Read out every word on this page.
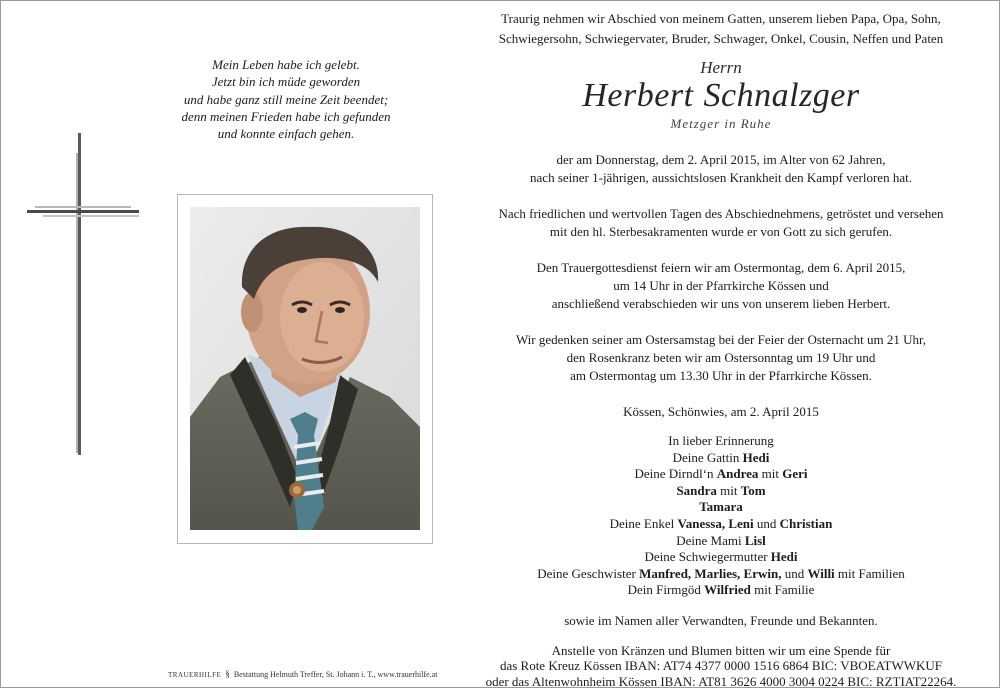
Mein Leben habe ich gelebt.

Jetzt bin ich müde geworden

und habe ganz still meine Zeit beendet;

denn meinen Frieden habe ich gefunden

und konnte einfach gehen.

Traurig nehmen wir Abschied von meinem Gatten, unserem lieben Papa, Opa, Sohn,

Schwiegersohn, Schwiegervater, Bruder, Schwager, Onkel, Cousin, Neffen und Paten

Herrn
Herbert Schnalzger
Metzger in Ruhe

der am Donnerstag, dem 2. April 2015, im Alter von 62 Jahren,

nach seiner 1-jährigen, aussichtslosen Krankheit den Kampf verloren hat.

Nach friedlichen und wertvollen Tagen des Abschiednehmens, getröstet und versehen

mit den hl. Sterbesakramenten wurde er von Gott zu sich gerufen.

Den Trauergottesdienst feiern wir am Ostermontag, dem 6. April 2015,

um 14 Uhr in der Pfarrkirche Kössen und

anschließend verabschieden wir uns von unserem lieben Herbert.

Wir gedenken seiner am Ostersamstag bei der Feier der Osternacht um 21 Uhr,

den Rosenkranz beten wir am Ostersonntag um 19 Uhr und

am Ostermontag um 13.30 Uhr in der Pfarrkirche Kössen.

Kössen, Schönwies, am 2. April 2015

In lieber Erinnerung

Deine Gattin Hedi

Deine Dirndl‘n Andrea mit Geri

Sandra mit Tom

Tamara

Deine Enkel Vanessa, Leni und Christian

Deine Mami Lisl

Deine Schwiegermutter Hedi

Deine Geschwister Manfred, Marlies, Erwin, und Willi mit Familien

Dein Firmgöd Wilfried mit Familie

sowie im Namen aller Verwandten, Freunde und Bekannten.

Anstelle von Kränzen und Blumen bitten wir um eine Spende für

das Rote Kreuz Kössen IBAN: AT74 4377 0000 1516 6864 BIC: VBOEATWWKUF

oder das Altenwohnheim Kössen IBAN: AT81 3626 4000 3004 0224 BIC: RZTIAT22264.

TRAUERHILFE § Bestattung Helmuth Treffer, St. Johann i. T., www.trauerhilfe.at
